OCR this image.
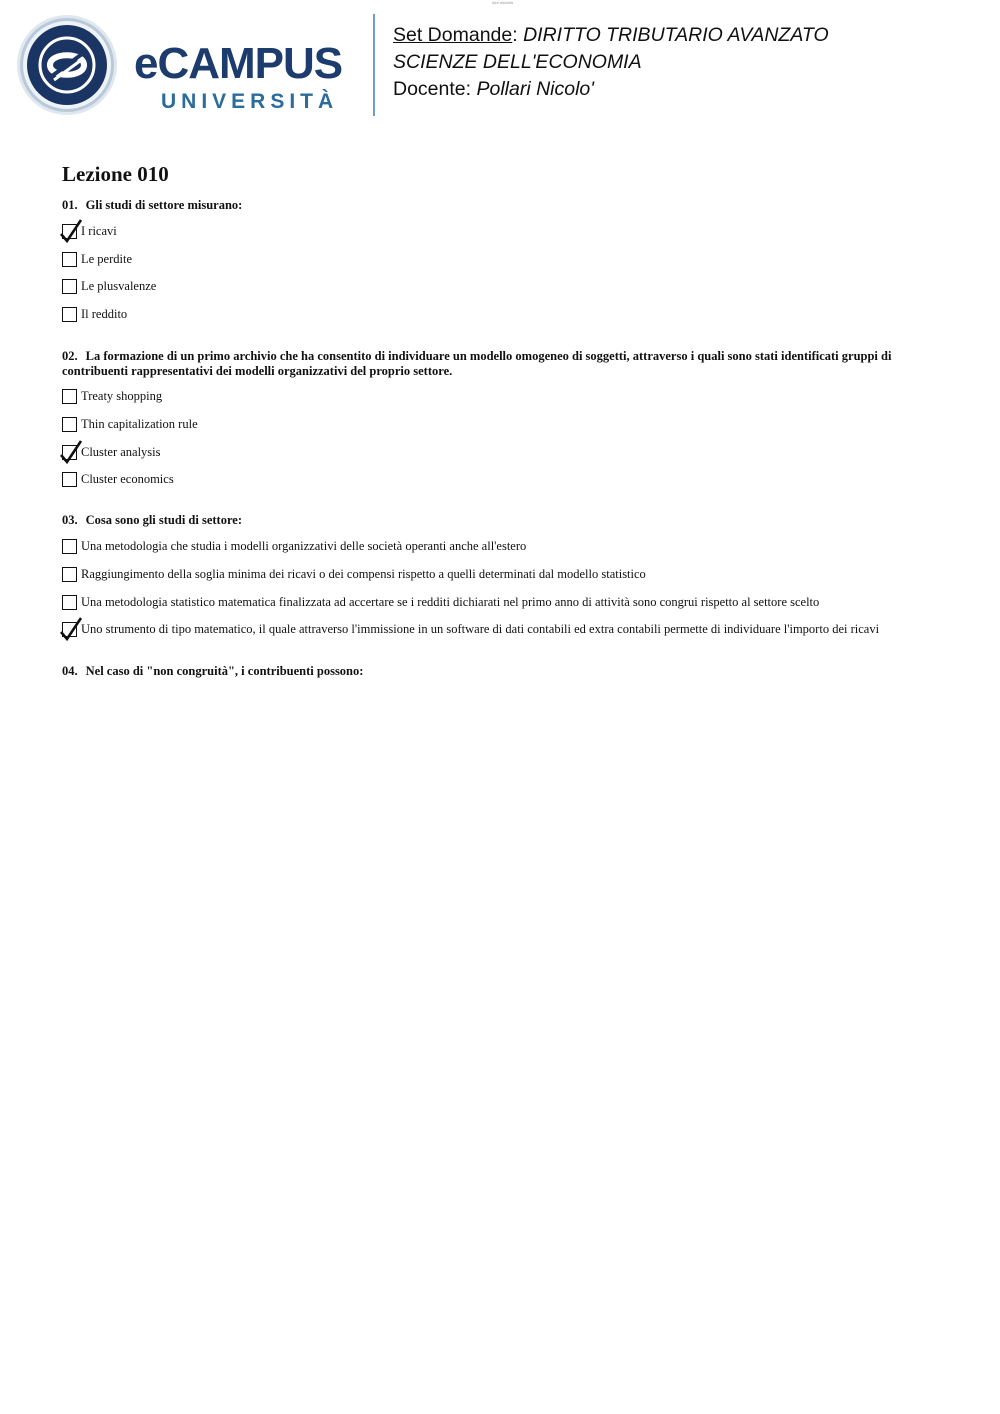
### ######
eCAMPUS
UNIVERSITÀ
Set Domande: DIRITTO TRIBUTARIO AVANZATO
SCIENZE DELL'ECONOMIA
Docente: Pollari Nicolo'
Lezione 010
01. Gli studi di settore misurano:
I ricavi
Le perdite
Le plusvalenze
Il reddito
02. La formazione di un primo archivio che ha consentito di individuare un modello omogeneo di soggetti, attraverso i quali sono stati identificati gruppi di contribuenti rappresentativi dei modelli organizzativi del proprio settore.
Treaty shopping
Thin capitalization rule
Cluster analysis
Cluster economics
03. Cosa sono gli studi di settore:
Una metodologia che studia i modelli organizzativi delle società operanti anche all'estero
Raggiungimento della soglia minima dei ricavi o dei compensi rispetto a quelli determinati dal modello statistico
Una metodologia statistico matematica finalizzata ad accertare se i redditi dichiarati nel primo anno di attività sono congrui rispetto al settore scelto
Uno strumento di tipo matematico, il quale attraverso l'immissione in un software di dati contabili ed extra contabili permette di individuare l'importo dei ricavi
04. Nel caso di "non congruità", i contribuenti possono:
